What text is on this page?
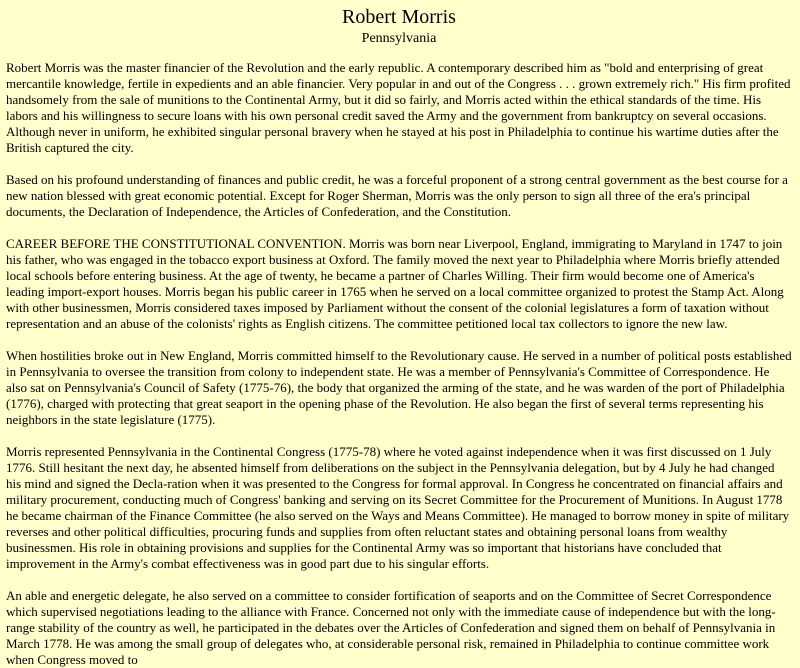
Robert Morris
Pennsylvania

Robert Morris was the master financier of the Revolution and the early republic. A contemporary described him as "bold and enterprising of great mercantile knowledge, fertile in expedients and an able financier. Very popular in and out of the Congress . . . grown extremely rich." His firm profited handsomely from the sale of munitions to the Continental Army, but it did so fairly, and Morris acted within the ethical standards of the time. His labors and his willingness to secure loans with his own personal credit saved the Army and the government from bankruptcy on several occasions. Although never in uniform, he exhibited singular personal bravery when he stayed at his post in Philadelphia to continue his wartime duties after the British captured the city.

Based on his profound understanding of finances and public credit, he was a forceful proponent of a strong central government as the best course for a new nation blessed with great economic potential. Except for Roger Sherman, Morris was the only person to sign all three of the era's principal documents, the Declaration of Independence, the Articles of Confederation, and the Constitution.

CAREER BEFORE THE CONSTITUTIONAL CONVENTION. Morris was born near Liverpool, England, immigrating to Maryland in 1747 to join his father, who was engaged in the tobacco export business at Oxford. The family moved the next year to Philadelphia where Morris briefly attended local schools before entering business. At the age of twenty, he became a partner of Charles Willing. Their firm would become one of America's leading import-export houses. Morris began his public career in 1765 when he served on a local committee organized to protest the Stamp Act. Along with other businessmen, Morris considered taxes imposed by Parliament without the consent of the colonial legislatures a form of taxation without representation and an abuse of the colonists' rights as English citizens. The committee petitioned local tax collectors to ignore the new law.

When hostilities broke out in New England, Morris committed himself to the Revolutionary cause. He served in a number of political posts established in Pennsylvania to oversee the transition from colony to independent state. He was a member of Pennsylvania's Committee of Correspondence. He also sat on Pennsylvania's Council of Safety (1775-76), the body that organized the arming of the state, and he was warden of the port of Philadelphia (1776), charged with protecting that great seaport in the opening phase of the Revolution. He also began the first of several terms representing his neighbors in the state legislature (1775).

Morris represented Pennsylvania in the Continental Congress (1775-78) where he voted against independence when it was first discussed on 1 July 1776. Still hesitant the next day, he absented himself from deliberations on the subject in the Pennsylvania delegation, but by 4 July he had changed his mind and signed the Decla-ration when it was presented to the Congress for formal approval. In Congress he concentrated on financial affairs and military procurement, conducting much of Congress' banking and serving on its Secret Committee for the Procurement of Munitions. In August 1778 he became chairman of the Finance Committee (he also served on the Ways and Means Committee). He managed to borrow money in spite of military reverses and other political difficulties, procuring funds and supplies from often reluctant states and obtaining personal loans from wealthy businessmen. His role in obtaining provisions and supplies for the Continental Army was so important that historians have concluded that improvement in the Army's combat effectiveness was in good part due to his singular efforts.

An able and energetic delegate, he also served on a committee to consider fortification of seaports and on the Committee of Secret Correspondence which supervised negotiations leading to the alliance with France. Concerned not only with the immediate cause of independence but with the long-range stability of the country as well, he participated in the debates over the Articles of Confederation and signed them on behalf of Pennsylvania in March 1778. He was among the small group of delegates who, at considerable personal risk, remained in Philadelphia to continue committee work when Congress moved to
